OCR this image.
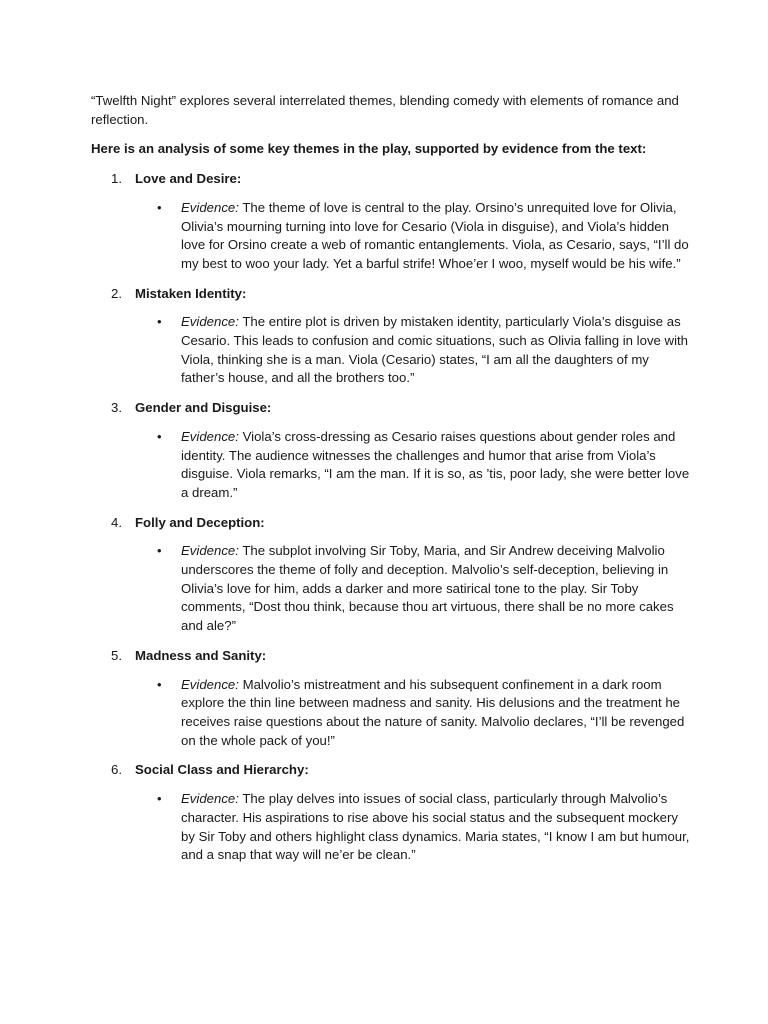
“Twelfth Night” explores several interrelated themes, blending comedy with elements of romance and reflection.

Here is an analysis of some key themes in the play, supported by evidence from the text:

1. Love and Desire:
• Evidence: The theme of love is central to the play. Orsino’s unrequited love for Olivia, Olivia’s mourning turning into love for Cesario (Viola in disguise), and Viola’s hidden love for Orsino create a web of romantic entanglements. Viola, as Cesario, says, “I’ll do my best to woo your lady. Yet a barful strife! Whoe’er I woo, myself would be his wife.”
2. Mistaken Identity:
• Evidence: The entire plot is driven by mistaken identity, particularly Viola’s disguise as Cesario. This leads to confusion and comic situations, such as Olivia falling in love with Viola, thinking she is a man. Viola (Cesario) states, “I am all the daughters of my father’s house, and all the brothers too.”
3. Gender and Disguise:
• Evidence: Viola’s cross-dressing as Cesario raises questions about gender roles and identity. The audience witnesses the challenges and humor that arise from Viola’s disguise. Viola remarks, “I am the man. If it is so, as ’tis, poor lady, she were better love a dream.”
4. Folly and Deception:
• Evidence: The subplot involving Sir Toby, Maria, and Sir Andrew deceiving Malvolio underscores the theme of folly and deception. Malvolio’s self-deception, believing in Olivia’s love for him, adds a darker and more satirical tone to the play. Sir Toby comments, “Dost thou think, because thou art virtuous, there shall be no more cakes and ale?”
5. Madness and Sanity:
• Evidence: Malvolio’s mistreatment and his subsequent confinement in a dark room explore the thin line between madness and sanity. His delusions and the treatment he receives raise questions about the nature of sanity. Malvolio declares, “I’ll be revenged on the whole pack of you!”
6. Social Class and Hierarchy:
• Evidence: The play delves into issues of social class, particularly through Malvolio’s character. His aspirations to rise above his social status and the subsequent mockery by Sir Toby and others highlight class dynamics. Maria states, “I know I am but humour, and a snap that way will ne’er be clean.”
